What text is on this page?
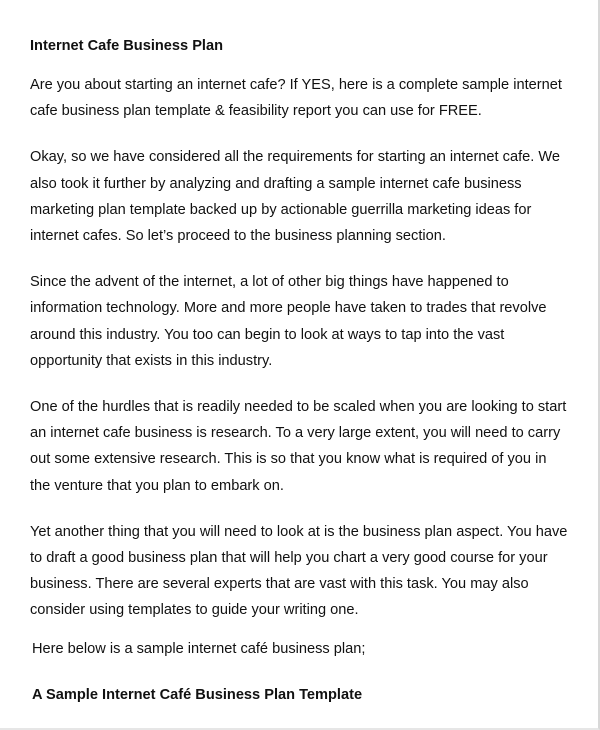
Internet Cafe Business Plan

Are you about starting an internet cafe? If YES, here is a complete sample internet cafe business plan template & feasibility report you can use for FREE.

Okay, so we have considered all the requirements for starting an internet cafe. We also took it further by analyzing and drafting a sample internet cafe business marketing plan template backed up by actionable guerrilla marketing ideas for internet cafes. So let’s proceed to the business planning section.

Since the advent of the internet, a lot of other big things have happened to information technology. More and more people have taken to trades that revolve around this industry. You too can begin to look at ways to tap into the vast opportunity that exists in this industry.

One of the hurdles that is readily needed to be scaled when you are looking to start an internet cafe business is research. To a very large extent, you will need to carry out some extensive research. This is so that you know what is required of you in the venture that you plan to embark on.

Yet another thing that you will need to look at is the business plan aspect. You have to draft a good business plan that will help you chart a very good course for your business. There are several experts that are vast with this task. You may also consider using templates to guide your writing one.

Here below is a sample internet café business plan;

A Sample Internet Café Business Plan Template
